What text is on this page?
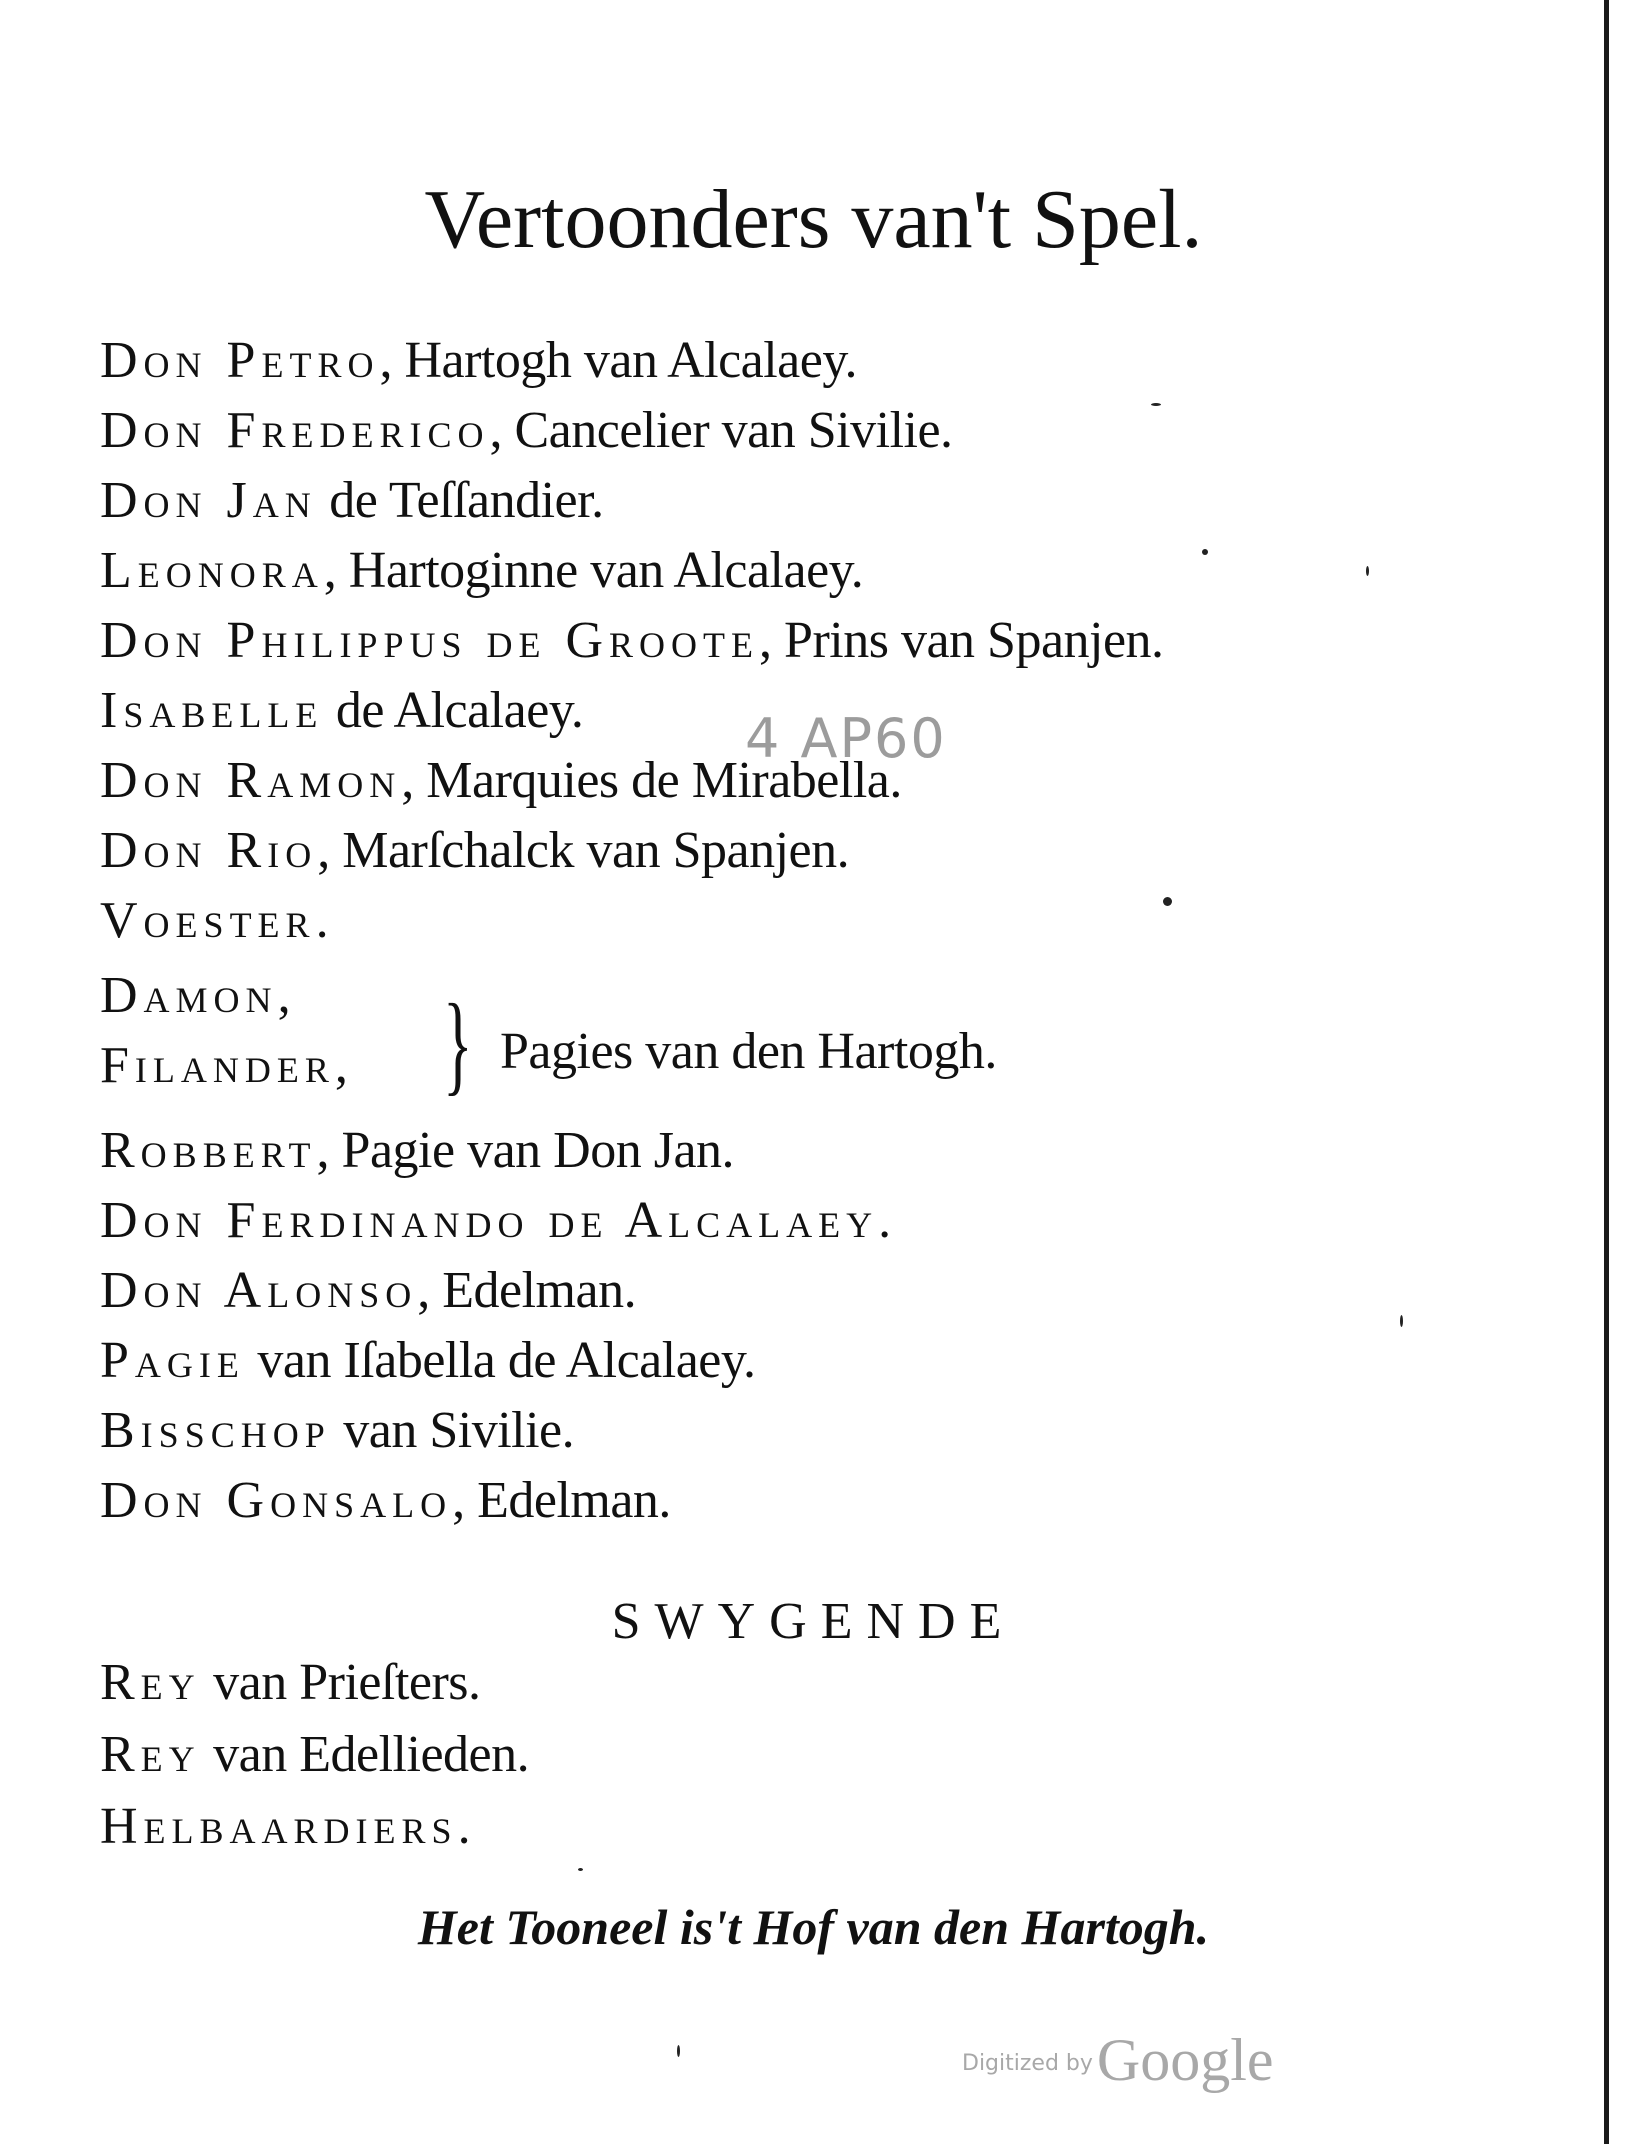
Vertoonders van't Spel.
Don Petro, Hartogh van Alcalaey.
Don Frederico, Cancelier van Sivilie.
Don Jan de Teſſandier.
Leonora, Hartoginne van Alcalaey.
Don Philippus de Groote, Prins van Spanjen.
Isabelle de Alcalaey.
Don Ramon, Marquies de Mirabella.
Don Rio, Marſchalck van Spanjen.
Voester.
Damon,
Filander,
Robbert, Pagie van Don Jan.
Don Ferdinando de Alcalaey.
Don Alonso, Edelman.
Pagie van Iſabella de Alcalaey.
Bisschop van Sivilie.
Don Gonsalo, Edelman.
4 AP60
} Pagies van den Hartogh.
SWYGENDE
Rey van Prieſters.
Rey van Edellieden.
Helbaardiers.
Het Tooneel is't Hof van den Hartogh.
Digitized by Google
